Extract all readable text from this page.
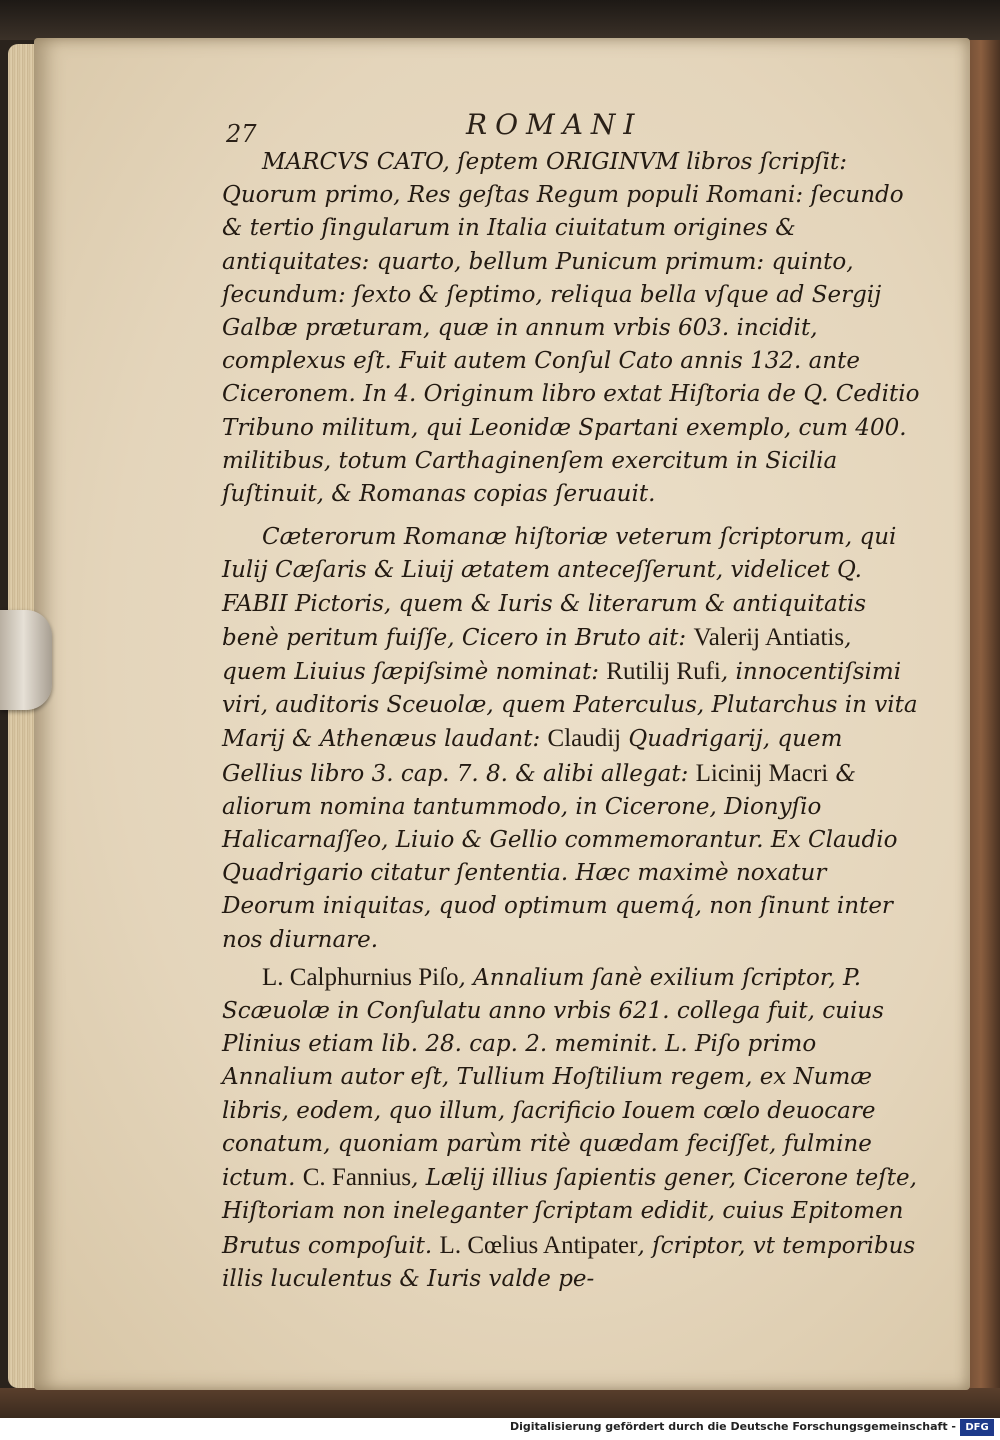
27	ROMANI

MARCVS CATO, ſeptem ORIGINVM libros ſcripſit: Quorum primo, Res geſtas Regum populi Romani: ſecundo & tertio ſingularum in Italia ciuitatum origines & antiquitates: quarto, bellum Punicum primum: quinto, ſecundum: ſexto & ſeptimo, reliqua bella vſque ad Sergij Galbæ præturam, quæ in annum vrbis 603. incidit, complexus eſt. Fuit autem Conſul Cato annis 132. ante Ciceronem. In 4. Originum libro extat Hiſtoria de Q. Ceditio Tribuno militum, qui Leonidæ Spartani exemplo, cum 400. militibus, totum Carthaginenſem exercitum in Sicilia ſuſtinuit, & Romanas copias ſeruauit.

Cæterorum Romanæ hiſtoriæ veterum ſcriptorum, qui Iulij Cæſaris & Liuij ætatem anteceſſerunt, videlicet Q. FABII Pictoris, quem & Iuris & literarum & antiquitatis benè peritum fuiſſe, Cicero in Bruto ait: Valerij Antiatis, quem Liuius ſæpiſsimè nominat: Rutilij Rufi, innocentiſsimi viri, auditoris Sceuolæ, quem Paterculus, Plutarchus in vita Marij & Athenæus laudant: Claudij Quadrigarij, quem Gellius libro 3. cap. 7. 8. & alibi allegat: Licinij Macri & aliorum nomina tantummodo, in Cicerone, Dionyſio Halicarnaſſeo, Liuio & Gellio commemorantur. Ex Claudio Quadrigario citatur ſententia. Hæc maximè noxatur Deorum iniquitas, quod optimum quemq́, non ſinunt inter nos diurnare.

L. Calphurnius Piſo, Annalium ſanè exilium ſcriptor, P. Scæuolæ in Conſulatu anno vrbis 621. collega fuit, cuius Plinius etiam lib. 28. cap. 2. meminit. L. Piſo primo Annalium autor eſt, Tullium Hoſtilium regem, ex Numæ libris, eodem, quo illum, ſacrificio Iouem cœlo deuocare conatum, quoniam parùm ritè quædam feciſſet, fulmine ictum. C. Fannius, Lælij illius ſapientis gener, Cicerone teſte, Hiſtoriam non ineleganter ſcriptam edidit, cuius Epitomen Brutus compoſuit. L. Cœlius Antipater, ſcriptor, vt temporibus illis luculentus & Iuris valde pe-

Digitalisierung gefördert durch die Deutsche Forschungsgemeinschaft - DFG
